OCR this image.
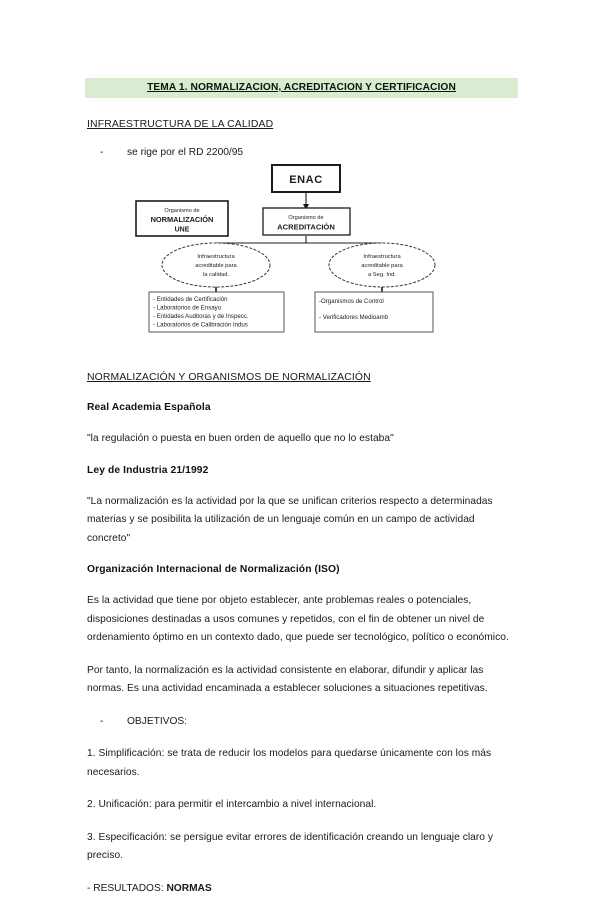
TEMA 1. NORMALIZACION, ACREDITACION Y CERTIFICACION
ENAC
Organismo de
NORMALIZACIÓN
UNE
Organismo de
ACREDITACIÓN
Infraestructura
acreditable para
la calidad.
Infraestructura
acreditable para
a Seg. Ind.
- Entidades de Certificación
- Laboratorios de Ensayo
- Entidades Auditoras y de Inspecc.
- Laboratorios de Calibración Indus
-Organismos de Control
- Verificadores Medioamb
INFRAESTRUCTURA DE LA CALIDAD
- se rige por el RD 2200/95
NORMALIZACIÓN Y ORGANISMOS DE NORMALIZACIÓN
Real Academia Española

"la regulación o puesta en buen orden de aquello que no lo estaba"

Ley de Industria 21/1992

"La normalización es la actividad por la que se unifican criterios respecto a determinadas materias y se posibilita la utilización de un lenguaje común en un campo de actividad concreto"

Organización Internacional de Normalización (ISO)

Es la actividad que tiene por objeto establecer, ante problemas reales o potenciales, disposiciones destinadas a usos comunes y repetidos, con el fin de obtener un nivel de ordenamiento óptimo en un contexto dado, que puede ser tecnológico, político o económico.

Por tanto, la normalización es la actividad consistente en elaborar, difundir y aplicar las normas. Es una actividad encaminada a establecer soluciones a situaciones repetitivas.

- OBJETIVOS:

1. Simplificación: se trata de reducir los modelos para quedarse únicamente con los más necesarios.

2. Unificación: para permitir el intercambio a nivel internacional.

3. Especificación: se persigue evitar errores de identificación creando un lenguaje claro y preciso.

- RESULTADOS: NORMAS
